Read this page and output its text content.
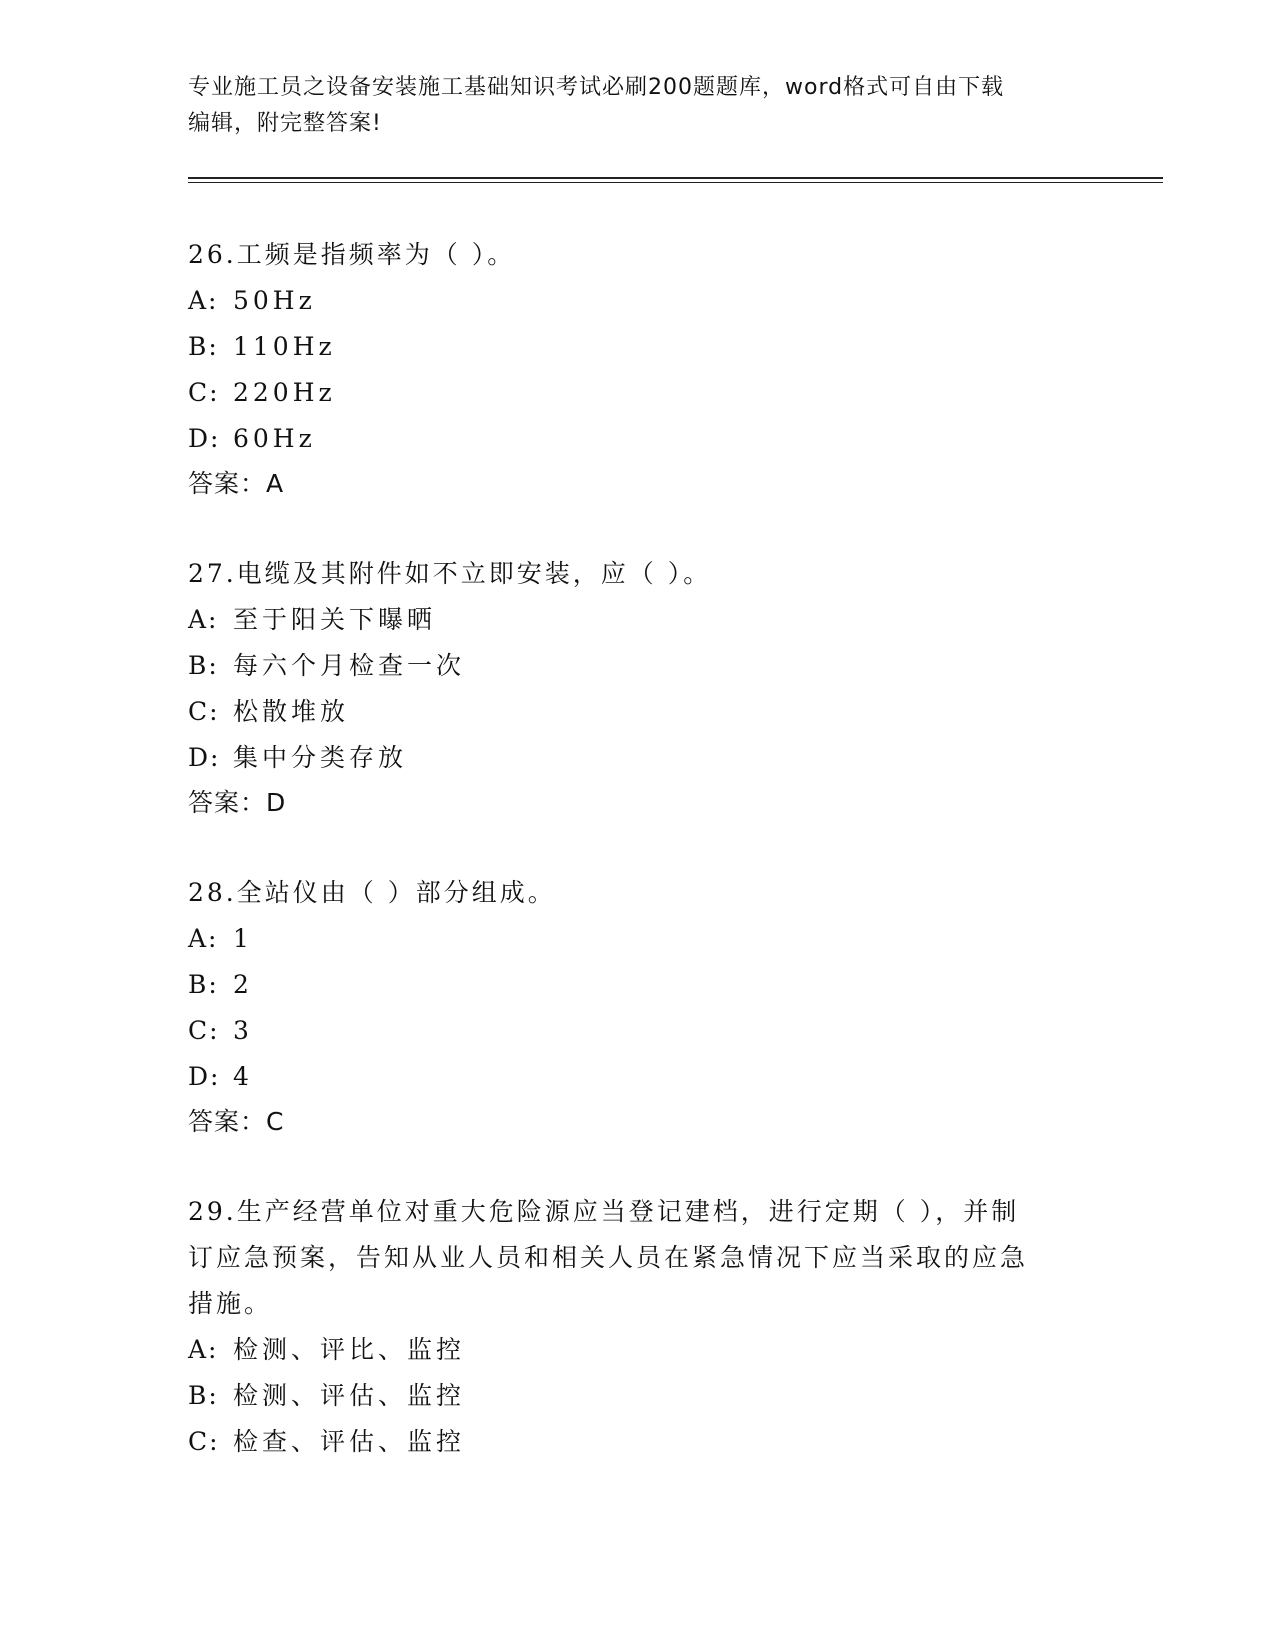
专业施工员之设备安装施工基础知识考试必刷200题题库，word格式可自由下载
编辑，附完整答案!

26.工频是指频率为（ ）。

A: 50Hz
B: 110Hz
C: 220Hz
D: 60Hz

答案：A

27.电缆及其附件如不立即安装，应（ ）。

A: 至于阳关下曝晒
B: 每六个月检查一次
C: 松散堆放
D: 集中分类存放

答案：D

28.全站仪由（ ）部分组成。

A: 1
B: 2
C: 3
D: 4

答案：C

29.生产经营单位对重大危险源应当登记建档，进行定期（ ），并制

订应急预案，告知从业人员和相关人员在紧急情况下应当采取的应急

措施。

A: 检测、评比、监控
B: 检测、评估、监控
C: 检查、评估、监控
